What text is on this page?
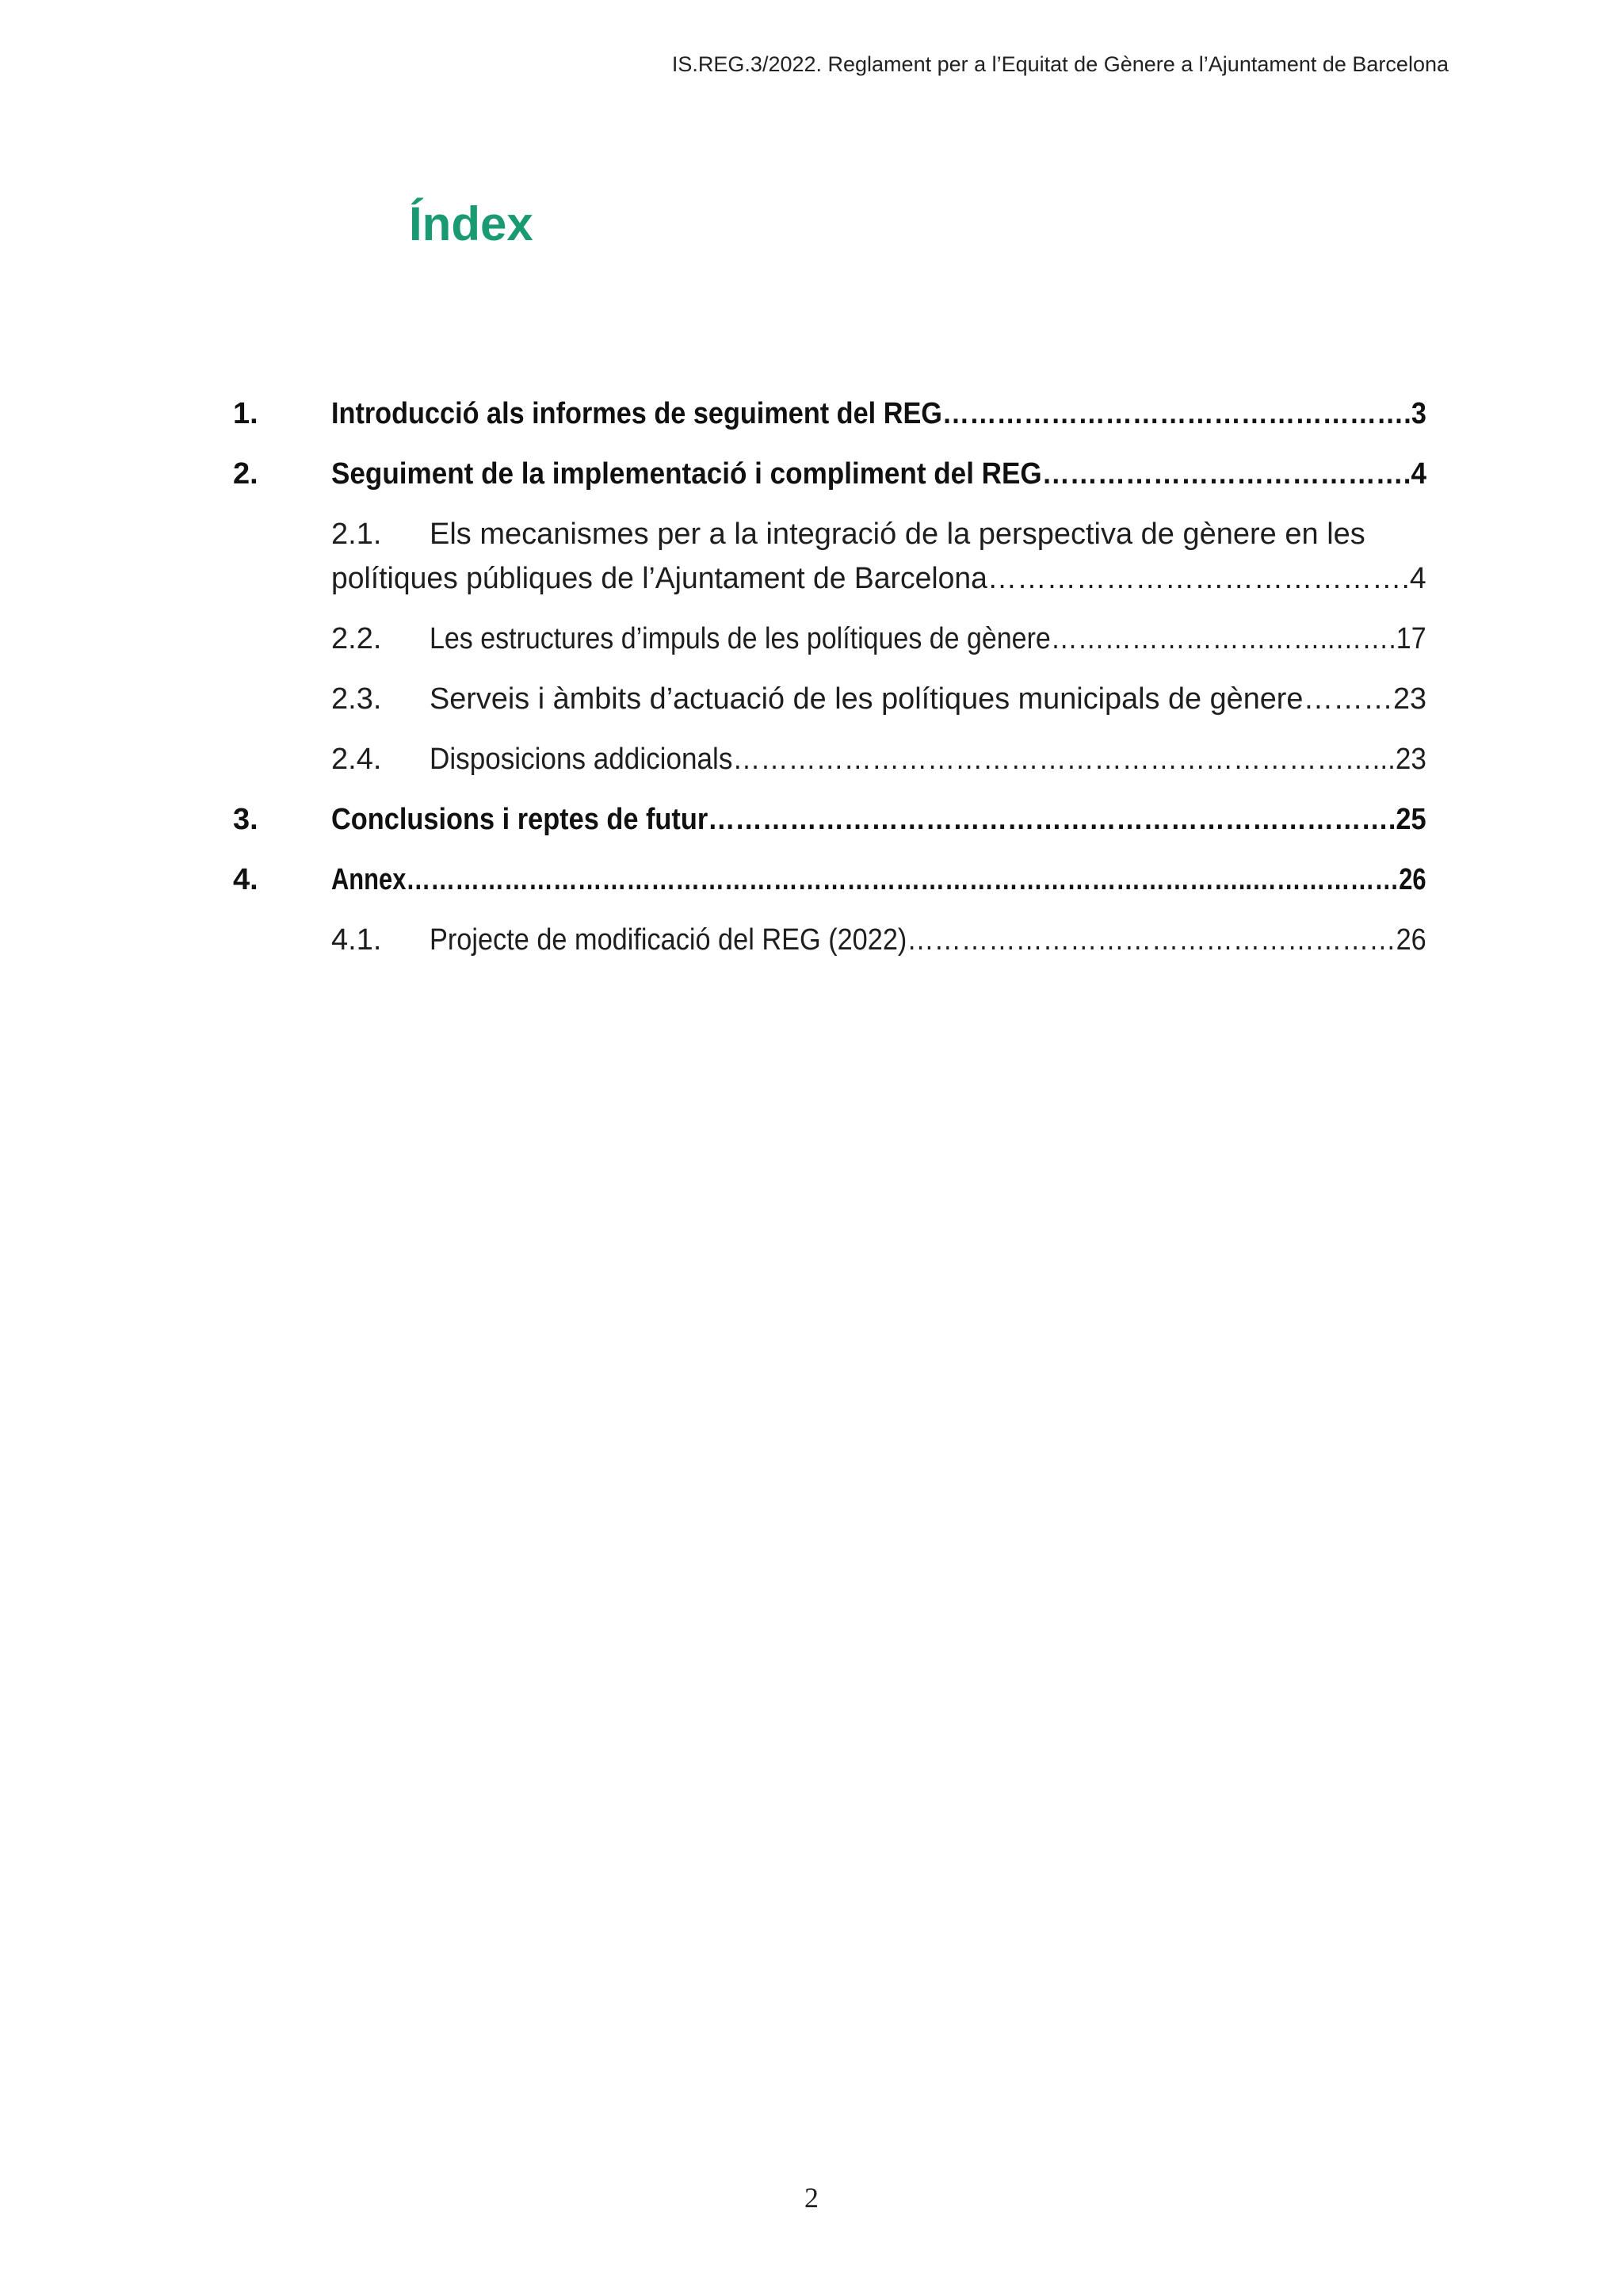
IS.REG.3/2022. Reglament per a l’Equitat de Gènere a l’Ajuntament de Barcelona
Índex
1. Introducció als informes de seguiment del REG…………………………………………….3
2. Seguiment de la implementació i compliment del REG………………………………….4
2.1. Els mecanismes per a la integració de la perspectiva de gènere en les
polítiques públiques de l’Ajuntament de Barcelona…………………………………….4
2.2. Les estructures d’impuls de les polítiques de gènere…………………………..…….17
2.3. Serveis i àmbits d’actuació de les polítiques municipals de gènere………23
2.4. Disposicions addicionals……………………………………………………………...23
3. Conclusions i reptes de futur………………………………………………………………….25
4. Annex…………………………………………………………………………………………..………………26
4.1. Projecte de modificació del REG (2022)………………………………………………26
2
